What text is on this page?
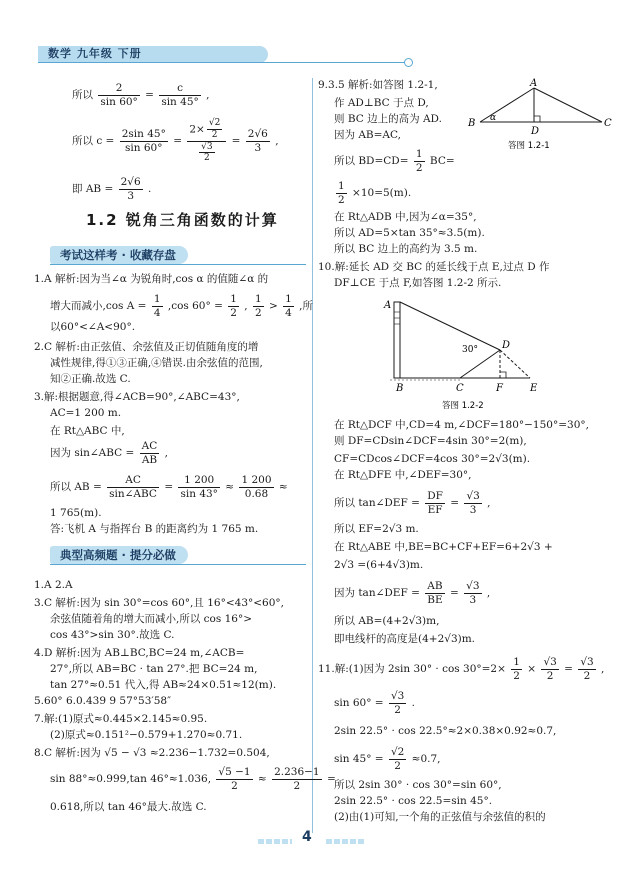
数学 九年级 下册
所以 $\frac{2}{\sin 60^\circ} = \frac{c}{\sin 45^\circ}$ ,
所以 $c = \frac{2\sin 45^\circ}{\sin 60^\circ} = \frac{2\times \frac{√2}{2}}{\frac{√3}{2}} = \frac{2√6}{3}$ ,
即 AB = $\frac{2√6}{3}$ .
1.2 锐角三角函数的计算
考试这样考 · 收藏存盘
1.A 解析:因为当∠α 为锐角时,cos α 的值随∠α 的
增大而减小,cos $A = \frac{1}{4} ,\cos$ $60^\circ = \frac{1}{2}$ , $\frac{1}{2} > \frac{1}{4}$ ,所
以60°<∠A<90°.
2.C 解析:由正弦值、余弦值及正切值随角度的增
减性规律,得①③正确,④错误.由余弦值的范围,
知②正确.故选 C.
3.解:根据题意,得∠ACB=90°,∠ABC=43°,
AC=1 200 m.
在 Rt△ABC 中,
因为 sin∠ABC = $\frac{AC}{AB}$ ,
所以 AB = $\frac{AC}{\text{sin∠ABC}} = \frac{1 200}{\sin 43^\circ} \approx \frac{1 200}{0.68}$ ≈
1 765(m).
答:飞机 A 与指挥台 B 的距离约为 1 765 m.
典型高频题 · 提分必做
1.A 2.A
3.C 解析:因为 sin 30°=cos 60°,且 16°<43°<60°,
余弦值随着角的增大而减小,所以 cos 16°>
cos 43°>sin 30°.故选 C.
4.D 解析:因为 AB⊥BC,BC=24 m,∠ACB=
27°,所以 AB=BC · tan 27°.把 BC=24 m,
tan 27°≈0.51 代入,得 AB≈24×0.51≈12(m).
5.60° 6.0.439 9 57°53′58″
7.解:(1)原式≈0.445×2.145≈0.95.
(2)原式≈0.151²−0.579+1.270≈0.71.
8.C 解析:因为 √5 − √3 ≈2.236−1.732=0.504,
sin 88°≈0.999,tan 46°≈1.036, $\frac{√5 -1}{2} \approx \frac{2.236-1}{2}$ =
0.618,所以 tan 46°最大.故选 C.
9.3.5 解析:如答图 1.2-1,
作 AD⊥BC 于点 D,
则 BC 边上的高为 AD.
因为 AB=AC,
所以 $BD=CD= \frac{1}{2} BC=$
$\frac{1}{2} \times 10=5(m)$.
在 Rt△ADB 中,因为∠α=35°,
所以 AD=5×tan 35°≈3.5(m).
所以 BC 边上的高约为 3.5 m.
A
B	C
D
α
答图 1.2-1
10.解:延长 AD 交 BC 的延长线于点 E,过点 D 作
DF⊥CE 于点 F,如答图 1.2-2 所示.
A
B	C
D
E
F
30°
答图 1.2-2
在 Rt△DCF 中,CD=4 m,∠DCF=180°−150°=30°,
则 DF=CDsin∠DCF=4sin 30°=2(m),
CF=CDcos∠DCF=4cos 30°=2√3(m).
在 Rt△DFE 中,∠DEF=30°,
所以 tan∠DEF = $\frac{DF}{EF} = \frac{√3}{3}$ ,
所以 EF=2√3 m.
在 Rt△ABE 中,BE=BC+CF+EF=6+2√3 +
2√3 =(6+4√3)m.
因为 tan∠DEF = $\frac{AB}{BE} = \frac{√3}{3}$ ,
所以 AB=(4+2√3)m,
即电线杆的高度是(4+2√3)m.
11.解:(1)因为 2sin $30^\circ \cdot \cos 30^\circ=2\times \frac{1}{2} \times \frac{√3}{2} = \frac{√3}{2}$ ,
$\sin 60^\circ = \frac{√3}{2}$ .
2sin 22.5° · cos 22.5°≈2×0.38×0.92≈0.7,
$\sin 45^\circ = \frac{√2}{2} \approx 0.7$,
所以 2sin 30° · cos 30°=sin 60°,
2sin 22.5° · cos 22.5=sin 45°.
(2)由(1)可知,一个角的正弦值与余弦值的积的
4
